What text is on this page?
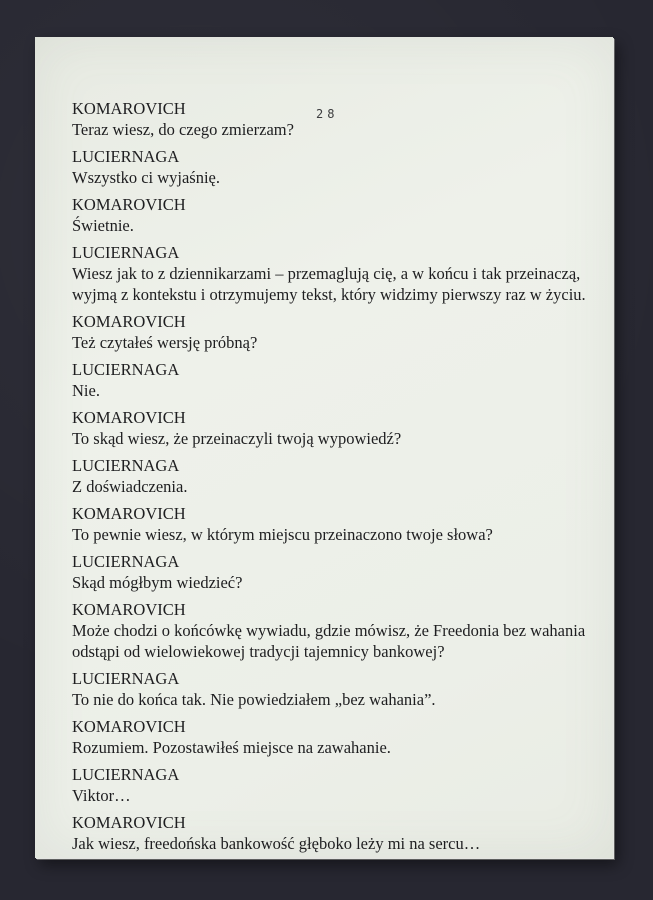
28
KOMAROVICH
Teraz wiesz, do czego zmierzam?
LUCIERNAGA
Wszystko ci wyjaśnię.
KOMAROVICH
Świetnie.
LUCIERNAGA
Wiesz jak to z dziennikarzami – przemaglują cię, a w końcu i tak przeinaczą,
wyjmą z kontekstu i otrzymujemy tekst, który widzimy pierwszy raz w życiu.
KOMAROVICH
Też czytałeś wersję próbną?
LUCIERNAGA
Nie.
KOMAROVICH
To skąd wiesz, że przeinaczyli twoją wypowiedź?
LUCIERNAGA
Z doświadczenia.
KOMAROVICH
To pewnie wiesz, w którym miejscu przeinaczono twoje słowa?
LUCIERNAGA
Skąd mógłbym wiedzieć?
KOMAROVICH
Może chodzi o końcówkę wywiadu, gdzie mówisz, że Freedonia bez wahania
odstąpi od wielowiekowej tradycji tajemnicy bankowej?
LUCIERNAGA
To nie do końca tak. Nie powiedziałem „bez wahania”.
KOMAROVICH
Rozumiem. Pozostawiłeś miejsce na zawahanie.
LUCIERNAGA
Viktor…
KOMAROVICH
Jak wiesz, freedońska bankowość głęboko leży mi na sercu…
